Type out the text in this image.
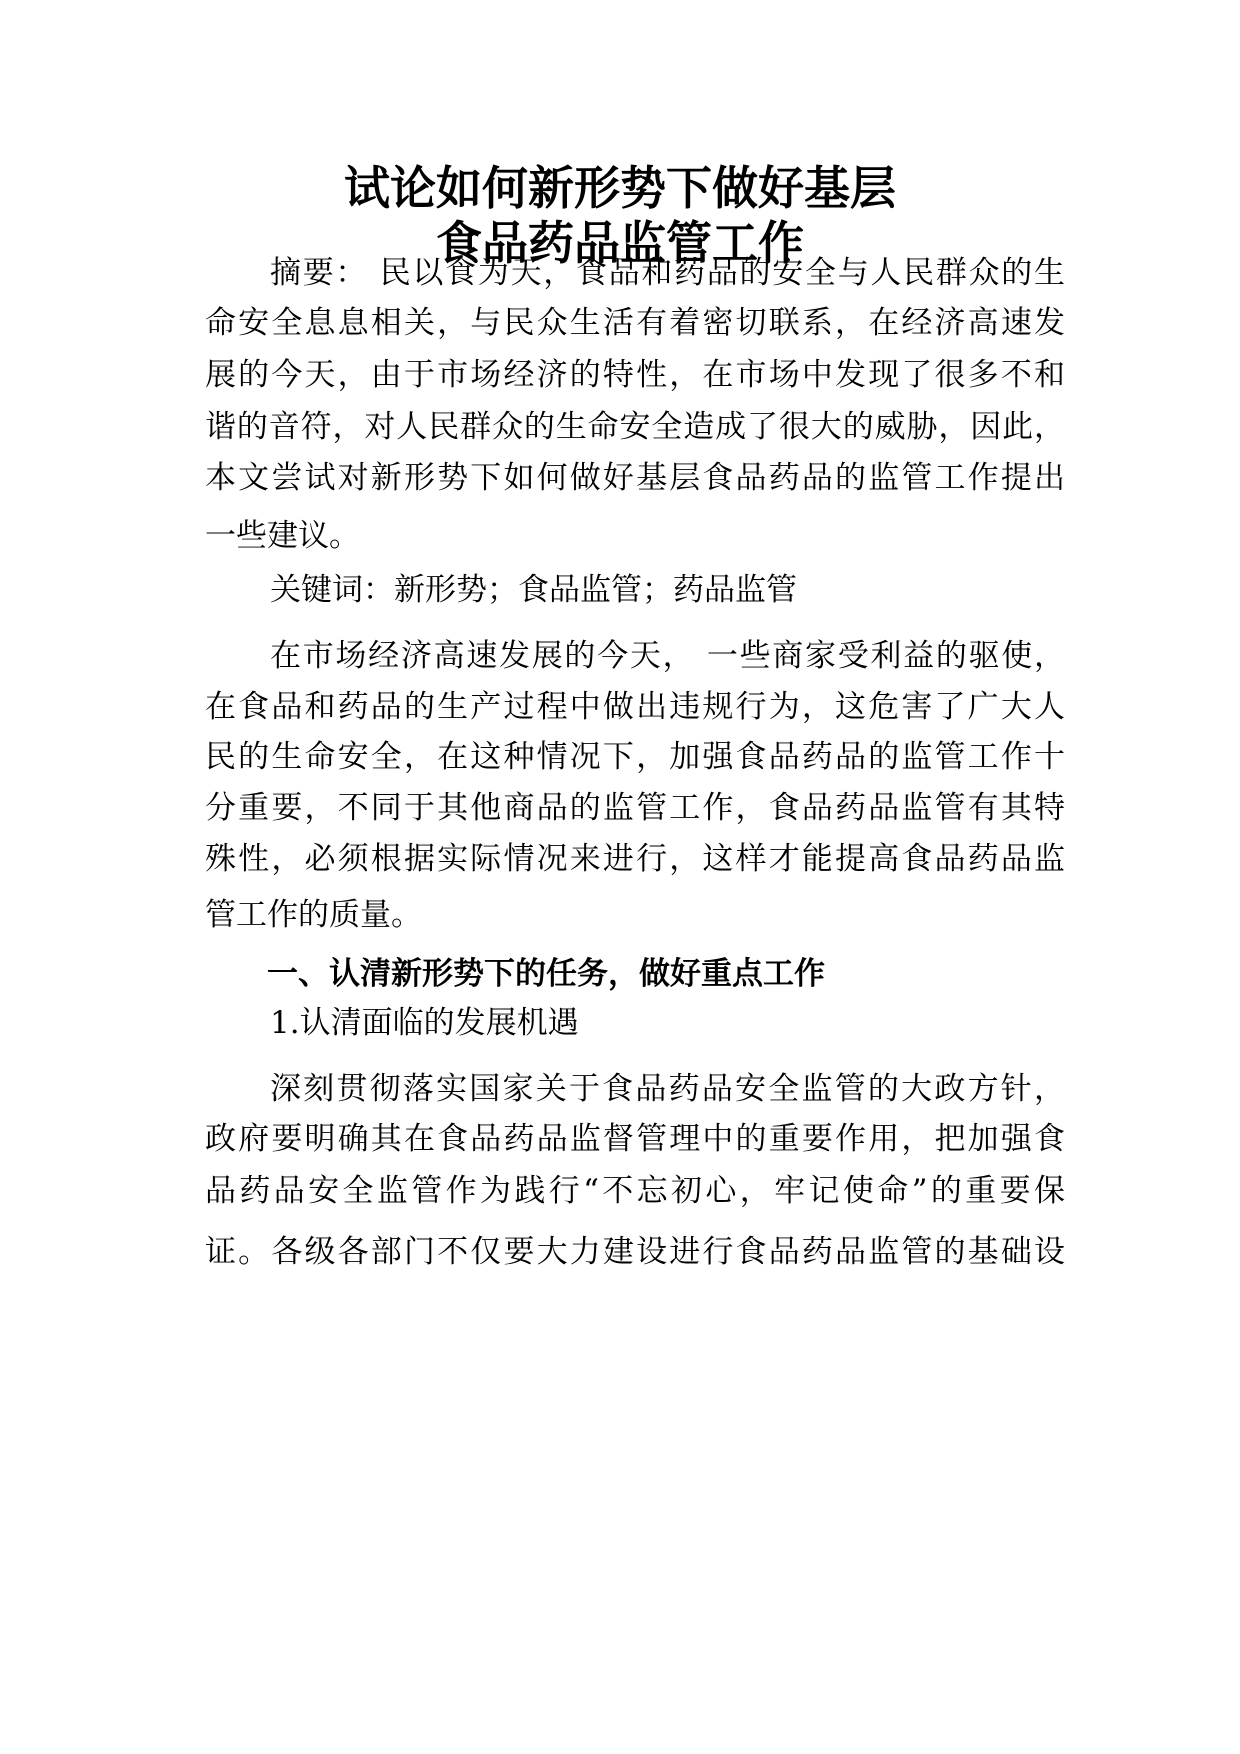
试论如何新形势下做好基层
食品药品监管工作
摘要： 民以食为天，食品和药品的安全与人民群众的生
命安全息息相关，与民众生活有着密切联系，在经济高速发
展的今天，由于市场经济的特性，在市场中发现了很多不和
谐的音符，对人民群众的生命安全造成了很大的威胁，因此，
本文尝试对新形势下如何做好基层食品药品的监管工作提出
一些建议。
关键词：新形势；食品监管；药品监管
在市场经济高速发展的今天， 一些商家受利益的驱使，
在食品和药品的生产过程中做出违规行为，这危害了广大人
民的生命安全，在这种情况下，加强食品药品的监管工作十
分重要，不同于其他商品的监管工作，食品药品监管有其特
殊性，必须根据实际情况来进行，这样才能提高食品药品监
管工作的质量。
一、认清新形势下的任务，做好重点工作
1.认清面临的发展机遇
深刻贯彻落实国家关于食品药品安全监管的大政方针，
政府要明确其在食品药品监督管理中的重要作用，把加强食
品药品安全监管作为践行“不忘初心，牢记使命”的重要保
证。各级各部门不仅要大力建设进行食品药品监管的基础设
